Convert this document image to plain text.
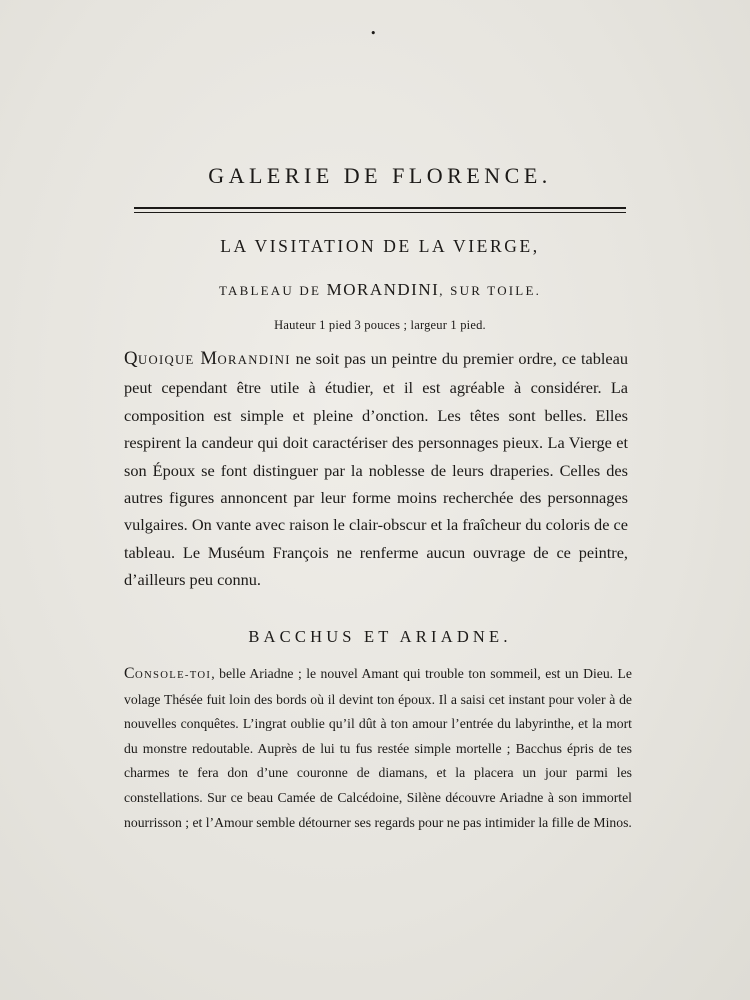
•
GALERIE DE FLORENCE.
LA VISITATION DE LA VIERGE,
TABLEAU DE MORANDINI, SUR TOILE.
Hauteur 1 pied 3 pouces ; largeur 1 pied.

QUOIQUE MORANDINI ne soit pas un peintre du premier ordre, ce tableau peut cependant être utile à étudier, et il est agréable à considérer. La composition est simple et pleine d’onction. Les têtes sont belles. Elles respirent la candeur qui doit caractériser des personnages pieux. La Vierge et son Époux se font distinguer par la noblesse de leurs draperies. Celles des autres figures annoncent par leur forme moins recherchée des personnages vulgaires. On vante avec raison le clair-obscur et la fraîcheur du coloris de ce tableau. Le Muséum François ne renferme aucun ouvrage de ce peintre, d’ailleurs peu connu.

BACCHUS ET ARIADNE.

CONSOLE-TOI, belle Ariadne ; le nouvel Amant qui trouble ton sommeil, est un Dieu. Le volage Thésée fuit loin des bords où il devint ton époux. Il a saisi cet instant pour voler à de nouvelles conquêtes. L’ingrat oublie qu’il dût à ton amour l’entrée du labyrinthe, et la mort du monstre redoutable. Auprès de lui tu fus restée simple mortelle ; Bacchus épris de tes charmes te fera don d’une couronne de diamans, et la placera un jour parmi les constellations. Sur ce beau Camée de Calcédoine, Silène découvre Ariadne à son immortel nourrisson ; et l’Amour semble détourner ses regards pour ne pas intimider la fille de Minos.
